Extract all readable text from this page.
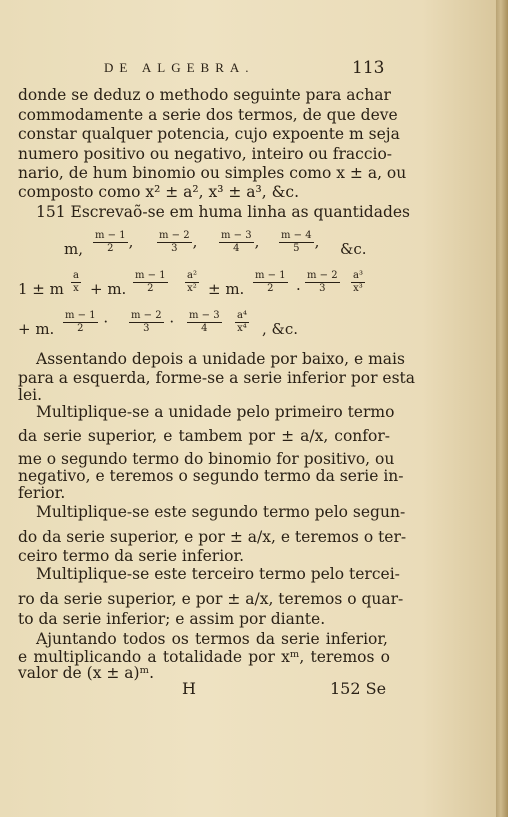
DE ALGEBRA.	113
donde se deduz o methodo seguinte para achar
commodamente a serie dos termos, de que deve
constar qualquer potencia, cujo expoente m seja
numero positivo ou negativo, inteiro ou fraccio-
nario, de hum binomio ou simples como x ± a, ou
composto como x² ± a², x³ ± a³, &c.
151 Escrevaõ-se em huma linha as quantidades
m, $\frac{m - 1}{2}$ , $\frac{m - 2}{3}$ , $\frac{m - 3}{4}$ , $\frac{m - 4}{5}$ , &c.
1 ± m $\frac{a}{x} + m$. $\frac{m - 1}{2} \frac{\text{a²}}{\text{x²}} \pm m$. $\frac{m - 1}{2} \cdot \frac{m - 2}{3} \frac{\text{a³}}{\text{x³}}$
+ m. $\frac{m - 1}{2} \cdot \frac{m - 2}{3} \cdot \frac{m - 3}{4} \frac{\text{a⁴}}{\text{x⁴}}$ , &c.
Assentando depois a unidade por baixo, e mais
para a esquerda, forme-se a serie inferior por esta
lei.
Multiplique-se a unidade pelo primeiro termo
da serie superior, e tambem por ± a/x, confor-
me o segundo termo do binomio for positivo, ou
negativo, e teremos o segundo termo da serie in-
ferior.
Multiplique-se este segundo termo pelo segun-
do da serie superior, e por ± a/x, e teremos o ter-
ceiro termo da serie inferior.
Multiplique-se este terceiro termo pelo tercei-
ro da serie superior, e por ± a/x, teremos o quar-
to da serie inferior; e assim por diante.
Ajuntando todos os termos da serie inferior,
e multiplicando a totalidade por xᵐ, teremos o
valor de (x ± a)ᵐ.
H	152 Se
